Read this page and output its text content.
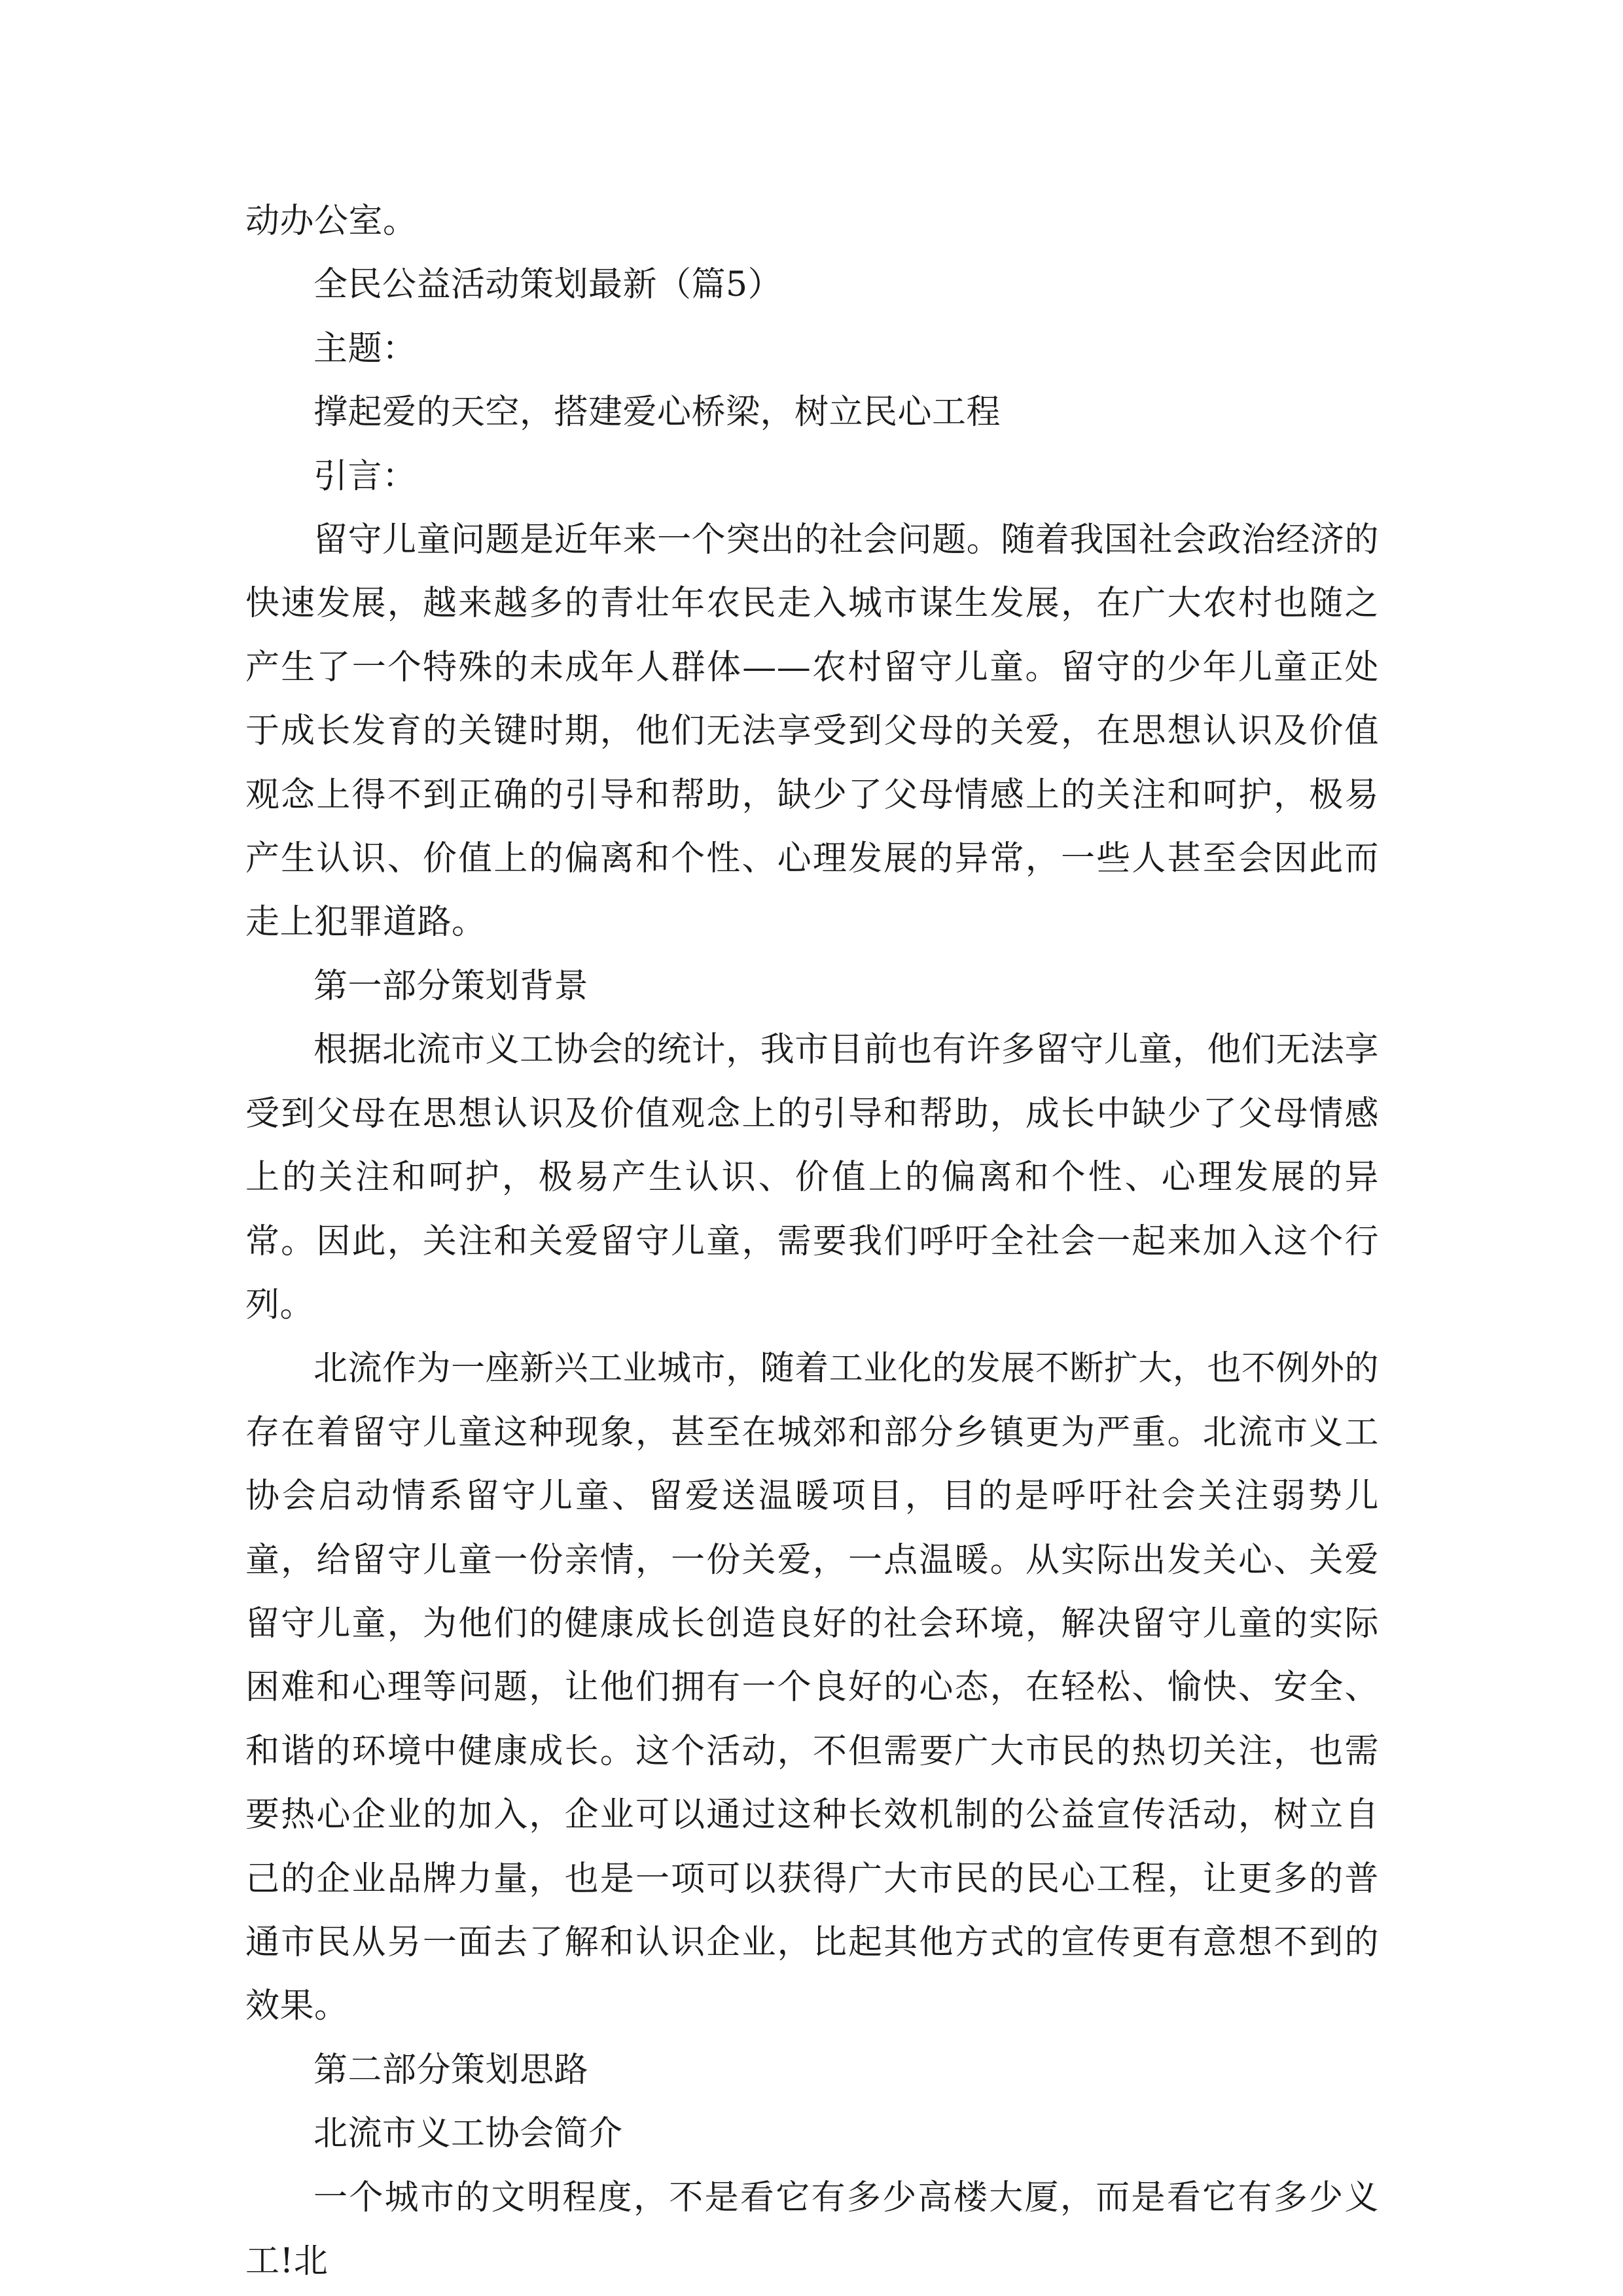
动办公室。

全民公益活动策划最新（篇5）

主题：

撑起爱的天空，搭建爱心桥梁，树立民心工程

引言：

留守儿童问题是近年来一个突出的社会问题。随着我国社会政治经济的快速发展，越来越多的青壮年农民走入城市谋生发展，在广大农村也随之产生了一个特殊的未成年人群体——农村留守儿童。留守的少年儿童正处于成长发育的关键时期，他们无法享受到父母的关爱，在思想认识及价值观念上得不到正确的引导和帮助，缺少了父母情感上的关注和呵护，极易产生认识、价值上的偏离和个性、心理发展的异常，一些人甚至会因此而走上犯罪道路。

第一部分策划背景

根据北流市义工协会的统计，我市目前也有许多留守儿童，他们无法享受到父母在思想认识及价值观念上的引导和帮助，成长中缺少了父母情感上的关注和呵护，极易产生认识、价值上的偏离和个性、心理发展的异常。因此，关注和关爱留守儿童，需要我们呼吁全社会一起来加入这个行列。

北流作为一座新兴工业城市，随着工业化的发展不断扩大，也不例外的存在着留守儿童这种现象，甚至在城郊和部分乡镇更为严重。北流市义工协会启动情系留守儿童、留爱送温暖项目，目的是呼吁社会关注弱势儿童，给留守儿童一份亲情，一份关爱，一点温暖。从实际出发关心、关爱留守儿童，为他们的健康成长创造良好的社会环境，解决留守儿童的实际困难和心理等问题，让他们拥有一个良好的心态，在轻松、愉快、安全、和谐的环境中健康成长。这个活动，不但需要广大市民的热切关注，也需要热心企业的加入，企业可以通过这种长效机制的公益宣传活动，树立自己的企业品牌力量，也是一项可以获得广大市民的民心工程，让更多的普通市民从另一面去了解和认识企业，比起其他方式的宣传更有意想不到的效果。

第二部分策划思路

北流市义工协会简介

一个城市的文明程度，不是看它有多少高楼大厦，而是看它有多少义工!北
